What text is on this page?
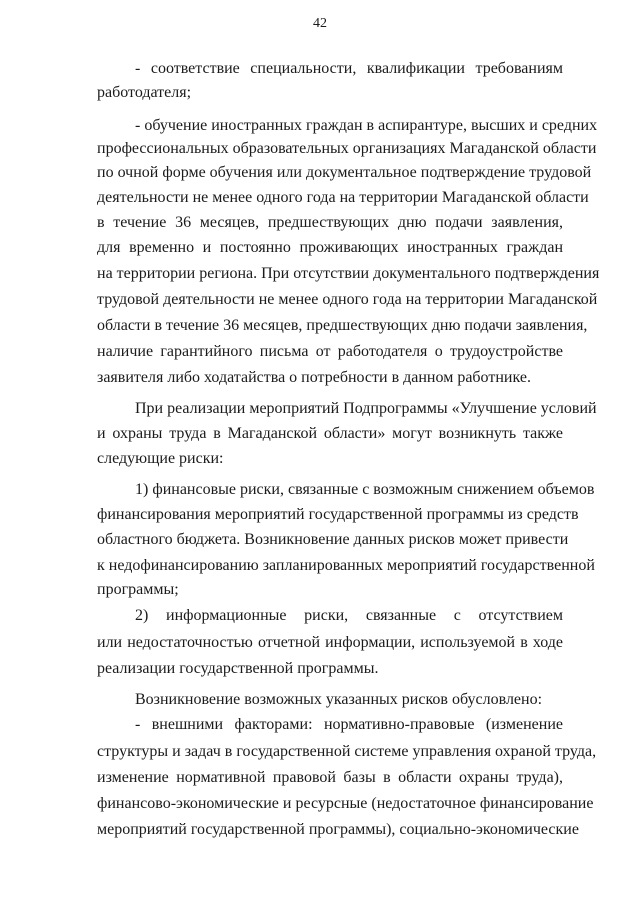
42
- соответствие специальности, квалификации требованиям
работодателя;
- обучение иностранных граждан в аспирантуре, высших и средних
профессиональных образовательных организациях Магаданской области
по очной форме обучения или документальное подтверждение трудовой
деятельности не менее одного года на территории Магаданской области
в течение 36 месяцев, предшествующих дню подачи заявления,
для временно и постоянно проживающих иностранных граждан
на территории региона. При отсутствии документального подтверждения
трудовой деятельности не менее одного года на территории Магаданской
области в течение 36 месяцев, предшествующих дню подачи заявления,
наличие гарантийного письма от работодателя о трудоустройстве
заявителя либо ходатайства о потребности в данном работнике.
При реализации мероприятий Подпрограммы «Улучшение условий
и охраны труда в Магаданской области» могут возникнуть также
следующие риски:
1) финансовые риски, связанные с возможным снижением объемов
финансирования мероприятий государственной программы из средств
областного бюджета. Возникновение данных рисков может привести
к недофинансированию запланированных мероприятий государственной
программы;
2) информационные риски, связанные с отсутствием
или недостаточностью отчетной информации, используемой в ходе
реализации государственной программы.
Возникновение возможных указанных рисков обусловлено:
- внешними факторами: нормативно-правовые (изменение
структуры и задач в государственной системе управления охраной труда,
изменение нормативной правовой базы в области охраны труда),
финансово-экономические и ресурсные (недостаточное финансирование
мероприятий государственной программы), социально-экономические
